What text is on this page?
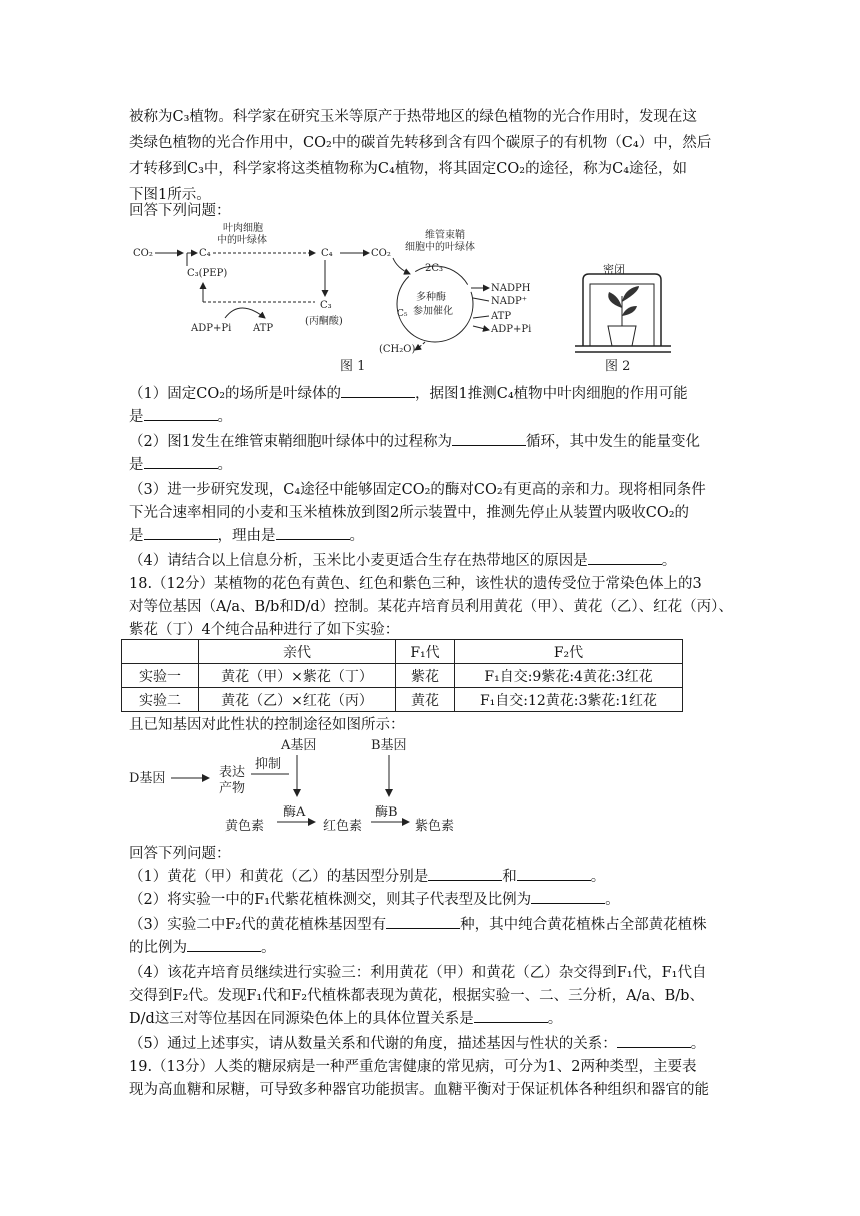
被称为C₃植物。科学家在研究玉米等原产于热带地区的绿色植物的光合作用时，发现在这
类绿色植物的光合作用中，CO₂中的碳首先转移到含有四个碳原子的有机物（C₄）中，然后
才转移到C₃中，科学家将这类植物称为C₄植物，将其固定CO₂的途径，称为C₄途径，如
下图1所示。
回答下列问题：
CO₂
叶肉细胞
中的叶绿体
C₄	C₄
C₃(PEP)
C₃
(丙酮酸)
ADP+Pi ATP
CO₂
维管束鞘
细胞中的叶绿体
2C₃
C₅
多种酶
参加催化
NADPH
NADP⁺
ATP
ADP+Pi
(CH₂O)
图 1
密闭
图 2
（1）固定CO₂的场所是叶绿体的	，据图1推测C₄植物中叶肉细胞的作用可能
是	。
（2）图1发生在维管束鞘细胞叶绿体中的过程称为	循环，其中发生的能量变化
是	。
（3）进一步研究发现，C₄途径中能够固定CO₂的酶对CO₂有更高的亲和力。现将相同条件
下光合速率相同的小麦和玉米植株放到图2所示装置中，推测先停止从装置内吸收CO₂的
是	，理由是	。
（4）请结合以上信息分析，玉米比小麦更适合生存在热带地区的原因是	。
18.（12分）某植物的花色有黄色、红色和紫色三种，该性状的遗传受位于常染色体上的3
对等位基因（A/a、B/b和D/d）控制。某花卉培育员利用黄花（甲）、黄花（乙）、红花（丙）、
紫花（丁）4个纯合品种进行了如下实验：
	亲代	F₁代	F₂代
实验一	黄花（甲）×紫花（丁）	紫花	F₁自交:9紫花:4黄花:3红花
实验二	黄花（乙）×红花（丙）	黄花	F₁自交:12黄花:3紫花:1红花
且已知基因对此性状的控制途径如图所示：
A基因	B基因
D基因	表达
产物
抑制
酶A	酶B
黄色素	红色素	紫色素
回答下列问题：
（1）黄花（甲）和黄花（乙）的基因型分别是	和	。
（2）将实验一中的F₁代紫花植株测交，则其子代表型及比例为	。
（3）实验二中F₂代的黄花植株基因型有	种，其中纯合黄花植株占全部黄花植株
的比例为	。
（4）该花卉培育员继续进行实验三：利用黄花（甲）和黄花（乙）杂交得到F₁代，F₁代自
交得到F₂代。发现F₁代和F₂代植株都表现为黄花，根据实验一、二、三分析，A/a、B/b、
D/d这三对等位基因在同源染色体上的具体位置关系是	。
（5）通过上述事实，请从数量关系和代谢的角度，描述基因与性状的关系：	。
19.（13分）人类的糖尿病是一种严重危害健康的常见病，可分为1、2两种类型，主要表
现为高血糖和尿糖，可导致多种器官功能损害。血糖平衡对于保证机体各种组织和器官的能
